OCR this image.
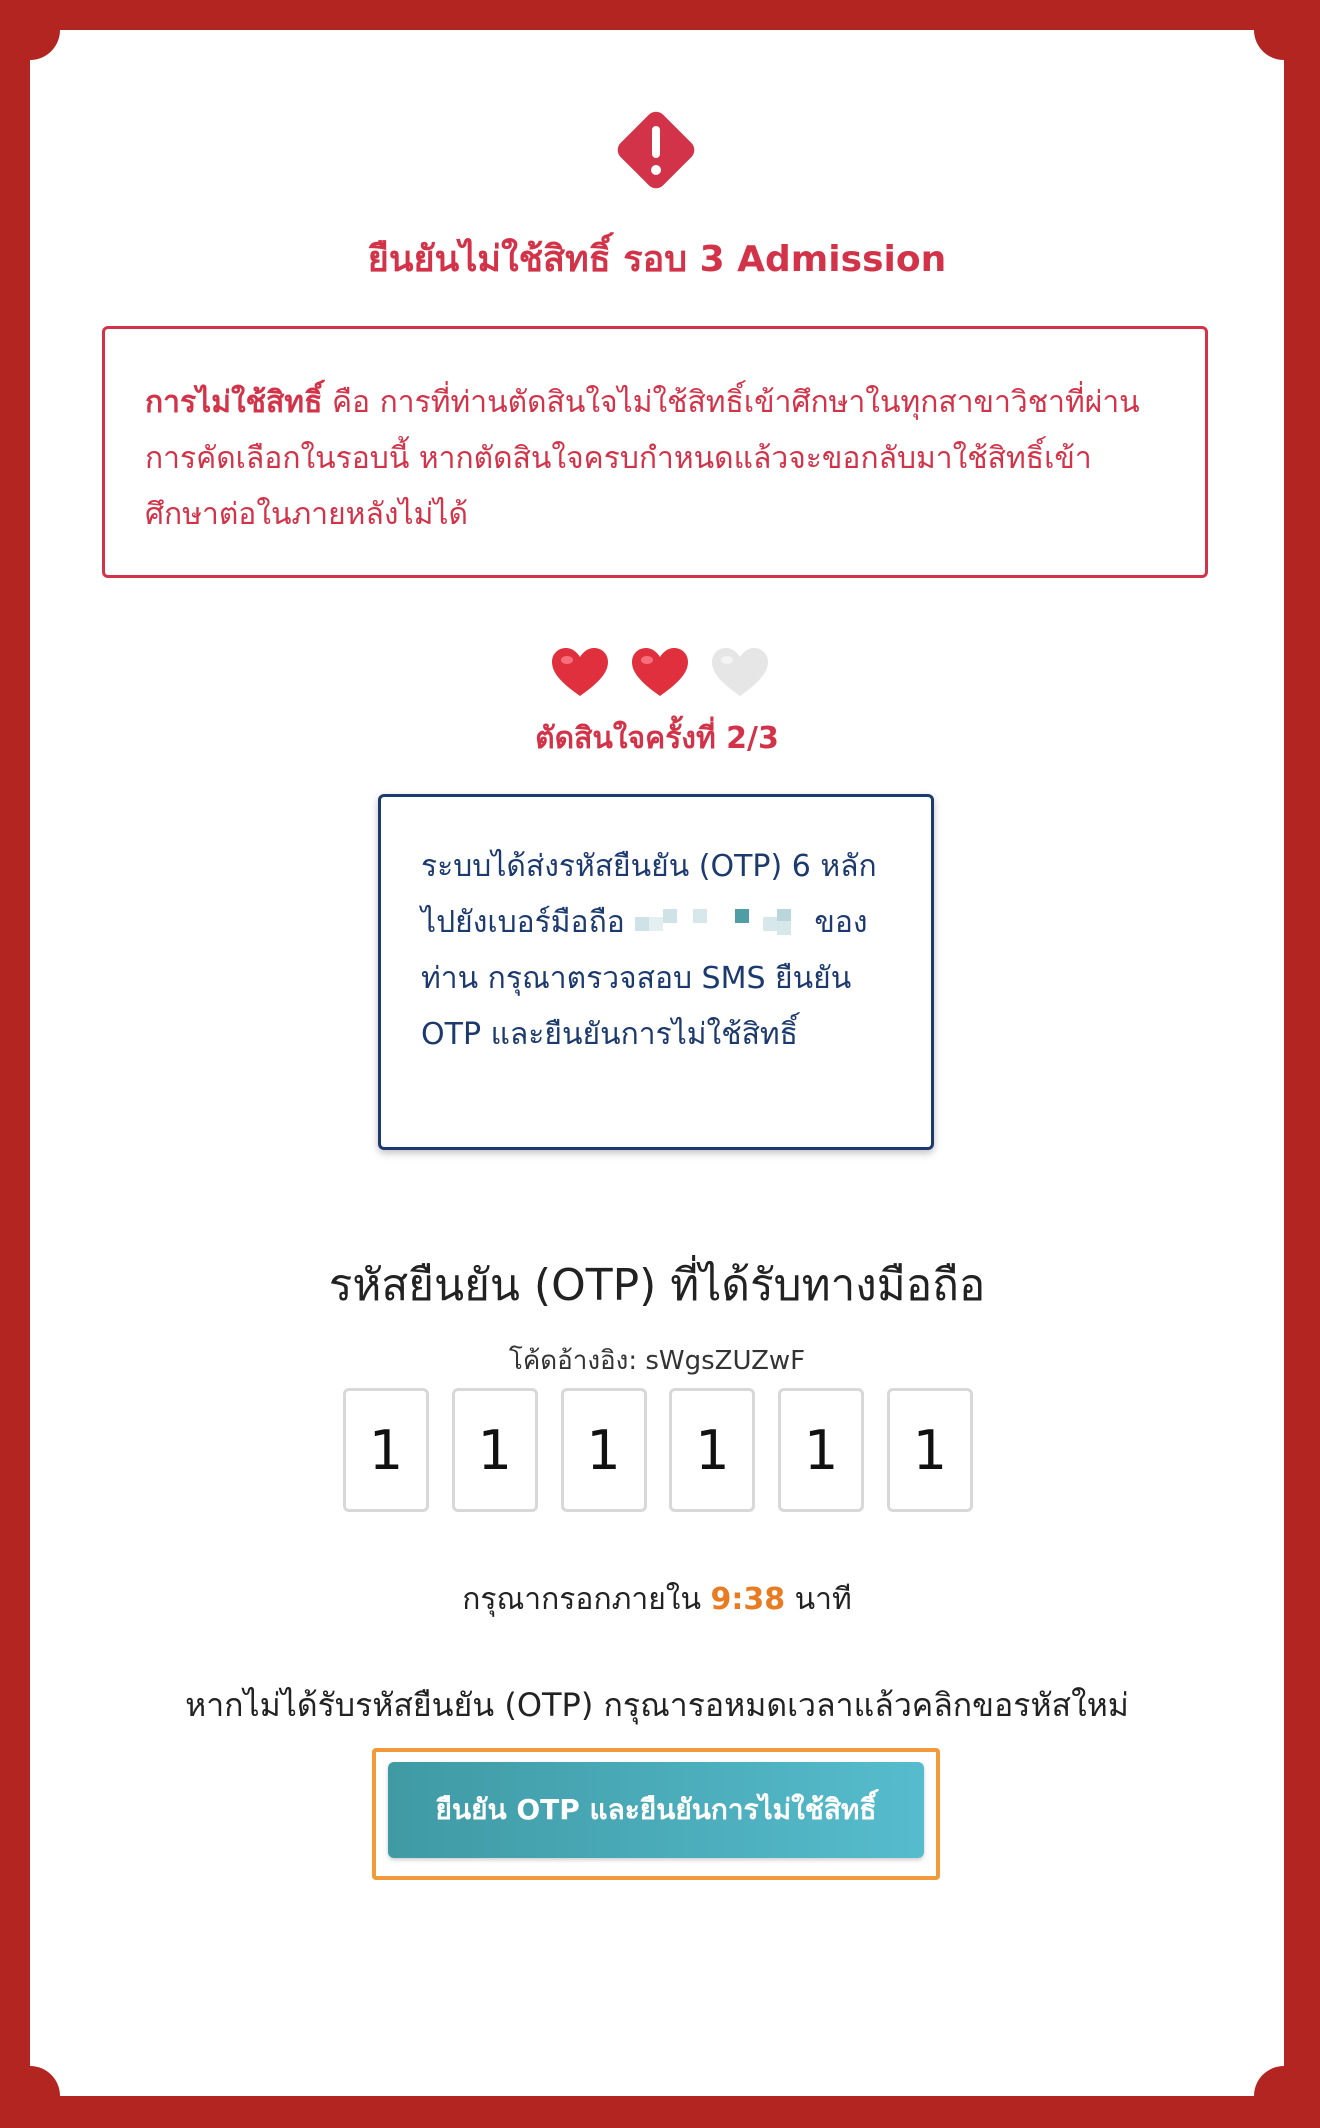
ยืนยันไม่ใช้สิทธิ์ รอบ 3 Admission
การไม่ใช้สิทธิ์ คือ การที่ท่านตัดสินใจไม่ใช้สิทธิ์เข้าศึกษาในทุกสาขาวิชาที่ผ่านการคัดเลือกในรอบนี้ หากตัดสินใจครบกำหนดแล้วจะขอกลับมาใช้สิทธิ์เข้าศึกษาต่อในภายหลังไม่ได้
ตัดสินใจครั้งที่ 2/3
ระบบได้ส่งรหัสยืนยัน (OTP) 6 หลัก ไปยังเบอร์มือถือ	ของท่าน กรุณาตรวจสอบ SMS ยืนยัน OTP และยืนยันการไม่ใช้สิทธิ์
รหัสยืนยัน (OTP) ที่ได้รับทางมือถือ
โค้ดอ้างอิง: sWgsZUZwF
1	1	1	1	1	1
กรุณากรอกภายใน 9:38 นาที
หากไม่ได้รับรหัสยืนยัน (OTP) กรุณารอหมดเวลาแล้วคลิกขอรหัสใหม่
ยืนยัน OTP และยืนยันการไม่ใช้สิทธิ์
